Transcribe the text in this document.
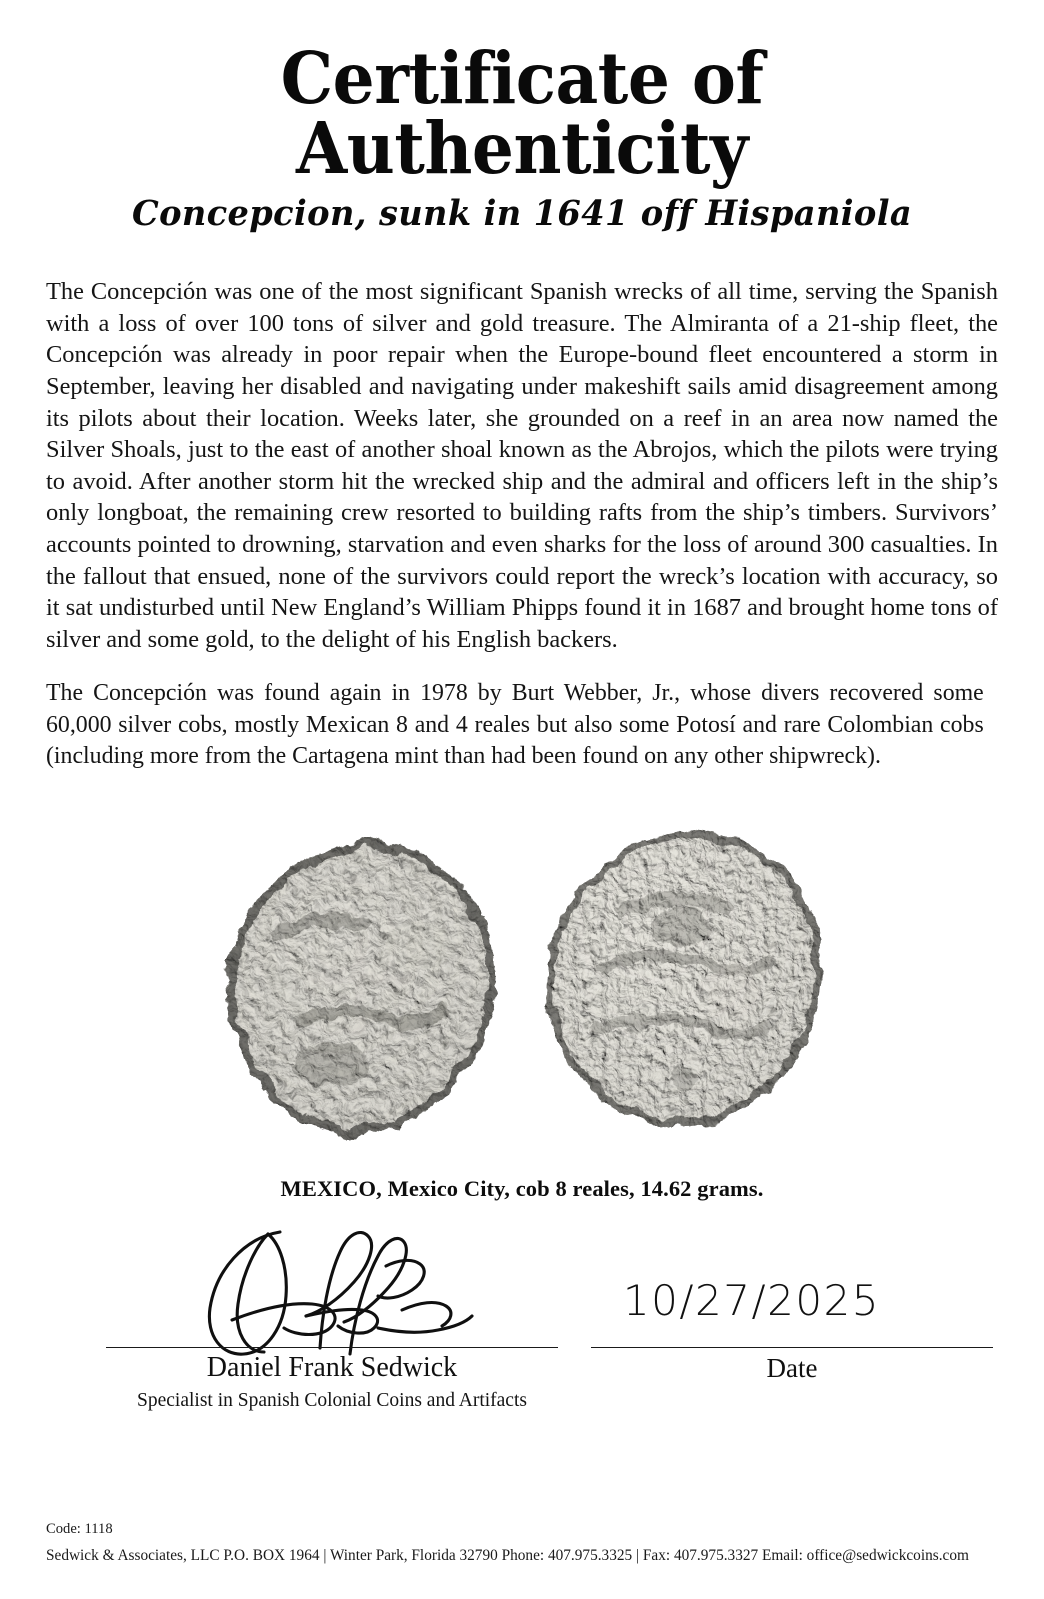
Certificate of Authenticity
Concepcion, sunk in 1641 off Hispaniola

The Concepción was one of the most significant Spanish wrecks of all time, serving the Spanish with a loss of over 100 tons of silver and gold treasure. The Almiranta of a 21-ship fleet, the Concepción was already in poor repair when the Europe-bound fleet encountered a storm in September, leaving her disabled and navigating under makeshift sails amid disagreement among its pilots about their location. Weeks later, she grounded on a reef in an area now named the Silver Shoals, just to the east of another shoal known as the Abrojos, which the pilots were trying to avoid. After another storm hit the wrecked ship and the admiral and officers left in the ship’s only longboat, the remaining crew resorted to building rafts from the ship’s timbers. Survivors’ accounts pointed to drowning, starvation and even sharks for the loss of around 300 casualties. In the fallout that ensued, none of the survivors could report the wreck’s location with accuracy, so it sat undisturbed until New England’s William Phipps found it in 1687 and brought home tons of silver and some gold, to the delight of his English backers.

The Concepción was found again in 1978 by Burt Webber, Jr., whose divers recovered some 60,000 silver cobs, mostly Mexican 8 and 4 reales but also some Potosí and rare Colombian cobs (including more from the Cartagena mint than had been found on any other shipwreck).

MEXICO, Mexico City, cob 8 reales, 14.62 grams.
10/27/2025
Daniel Frank Sedwick
Specialist in Spanish Colonial Coins and Artifacts
Date
Code: 1118
Sedwick & Associates, LLC P.O. BOX 1964 | Winter Park, Florida 32790 Phone: 407.975.3325 | Fax: 407.975.3327 Email: office@sedwickcoins.com
